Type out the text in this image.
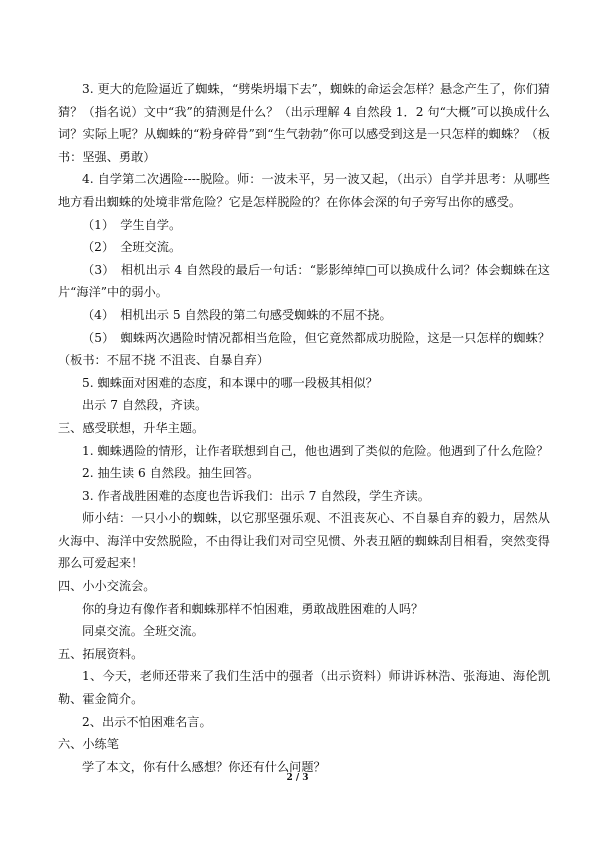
3. 更大的危险逼近了蜘蛛，“劈柴坍塌下去”，蜘蛛的命运会怎样？悬念产生了，你们猜猜？（指名说）文中“我”的猜测是什么？（出示理解 4 自然段 1．2 句“大概”可以换成什么词？实际上呢？从蜘蛛的“粉身碎骨”到“生气勃勃”你可以感受到这是一只怎样的蜘蛛？（板书：坚强、勇敢）

4. 自学第二次遇险----脱险。师：一波未平，另一波又起，（出示）自学并思考：从哪些地方看出蜘蛛的处境非常危险？它是怎样脱险的？在你体会深的句子旁写出你的感受。

（1）　学生自学。

（2）　全班交流。

（3）　相机出示 4 自然段的最后一句话：“影影绰绰□可以换成什么词？体会蜘蛛在这片“海洋”中的弱小。

（4）　相机出示 5 自然段的第二句感受蜘蛛的不屈不挠。

（5）　蜘蛛两次遇险时情况都相当危险，但它竟然都成功脱险，这是一只怎样的蜘蛛？（板书：不屈不挠 不沮丧、自暴自弃）

5. 蜘蛛面对困难的态度，和本课中的哪一段极其相似？

出示 7 自然段，齐读。

三、感受联想，升华主题。

1. 蜘蛛遇险的情形，让作者联想到自己，他也遇到了类似的危险。他遇到了什么危险？

2. 抽生读 6 自然段。抽生回答。

3. 作者战胜困难的态度也告诉我们：出示 7 自然段，学生齐读。

师小结：一只小小的蜘蛛，以它那坚强乐观、不沮丧灰心、不自暴自弃的毅力，居然从火海中、海洋中安然脱险，不由得让我们对司空见惯、外表丑陋的蜘蛛刮目相看，突然变得那么可爱起来！

四、小小交流会。

你的身边有像作者和蜘蛛那样不怕困难，勇敢战胜困难的人吗？

同桌交流。全班交流。

五、拓展资料。

1、今天，老师还带来了我们生活中的强者（出示资料）师讲诉林浩、张海迪、海伦凯勒、霍金简介。

2、出示不怕困难名言。

六、小练笔

学了本文，你有什么感想？你还有什么问题？

2 / 3
